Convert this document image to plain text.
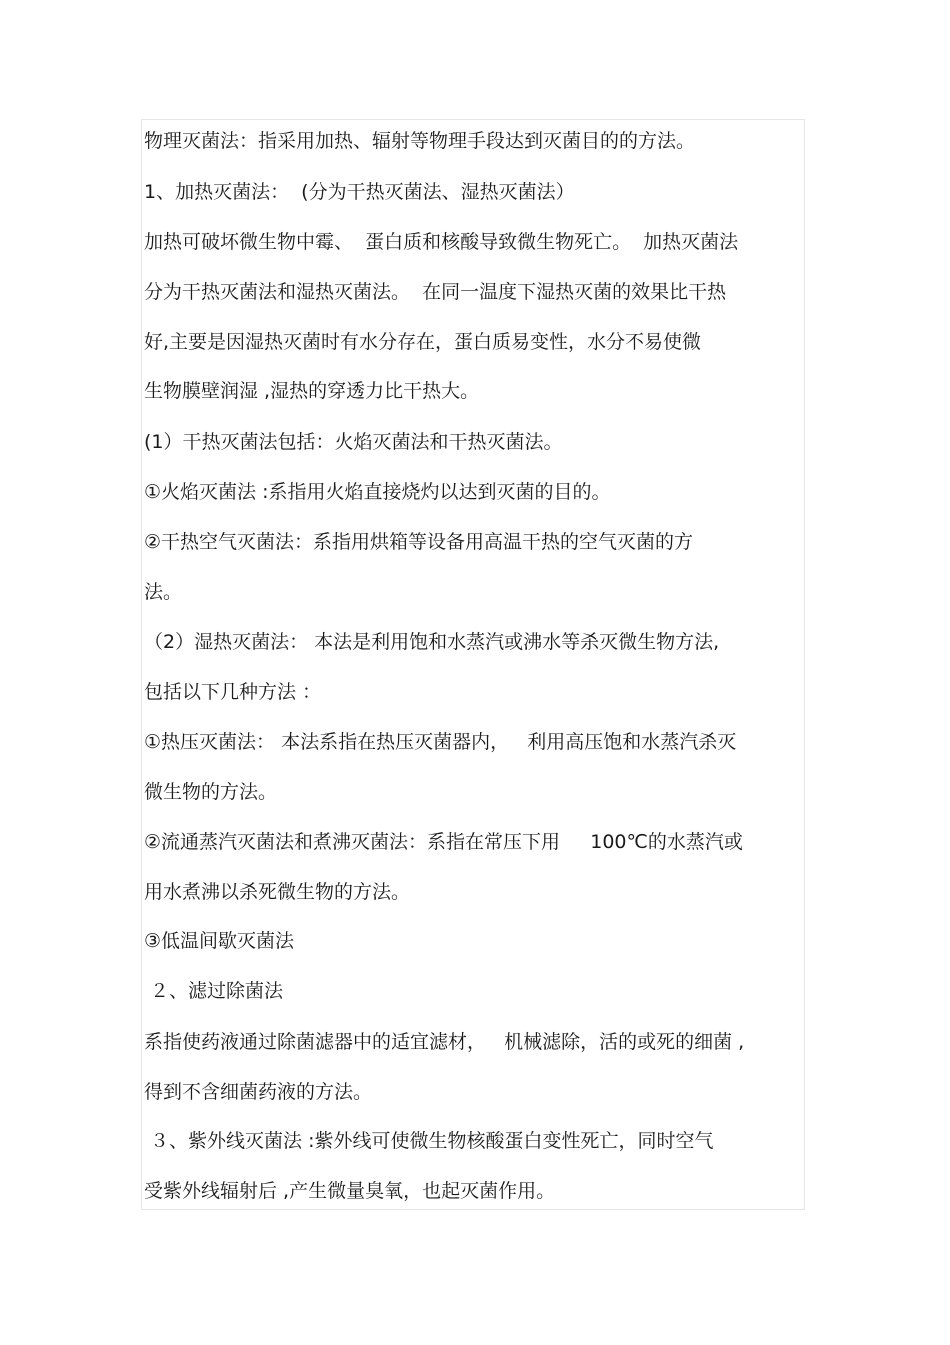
物理灭菌法：指采用加热、辐射等物理手段达到灭菌目的的方法。

1、加热灭菌法：  (分为干热灭菌法、湿热灭菌法）

加热可破坏微生物中霉、  蛋白质和核酸导致微生物死亡。  加热灭菌法

分为干热灭菌法和湿热灭菌法。  在同一温度下湿热灭菌的效果比干热

好,主要是因湿热灭菌时有水分存在，蛋白质易变性，水分不易使微

生物膜壁润湿 ,湿热的穿透力比干热大。

(1）干热灭菌法包括：火焰灭菌法和干热灭菌法。

①火焰灭菌法 :系指用火焰直接烧灼以达到灭菌的目的。

②干热空气灭菌法：系指用烘箱等设备用高温干热的空气灭菌的方

法。

（2）湿热灭菌法： 本法是利用饱和水蒸汽或沸水等杀灭微生物方法,

包括以下几种方法 ：

①热压灭菌法： 本法系指在热压灭菌器内，   利用高压饱和水蒸汽杀灭

微生物的方法。

②流通蒸汽灭菌法和煮沸灭菌法：系指在常压下用     100℃的水蒸汽或

用水煮沸以杀死微生物的方法。

③低温间歇灭菌法

２、滤过除菌法

系指使药液通过除菌滤器中的适宜滤材，   机械滤除，活的或死的细菌 ,

得到不含细菌药液的方法。

３、紫外线灭菌法 :紫外线可使微生物核酸蛋白变性死亡，同时空气

受紫外线辐射后 ,产生微量臭氧，也起灭菌作用。
